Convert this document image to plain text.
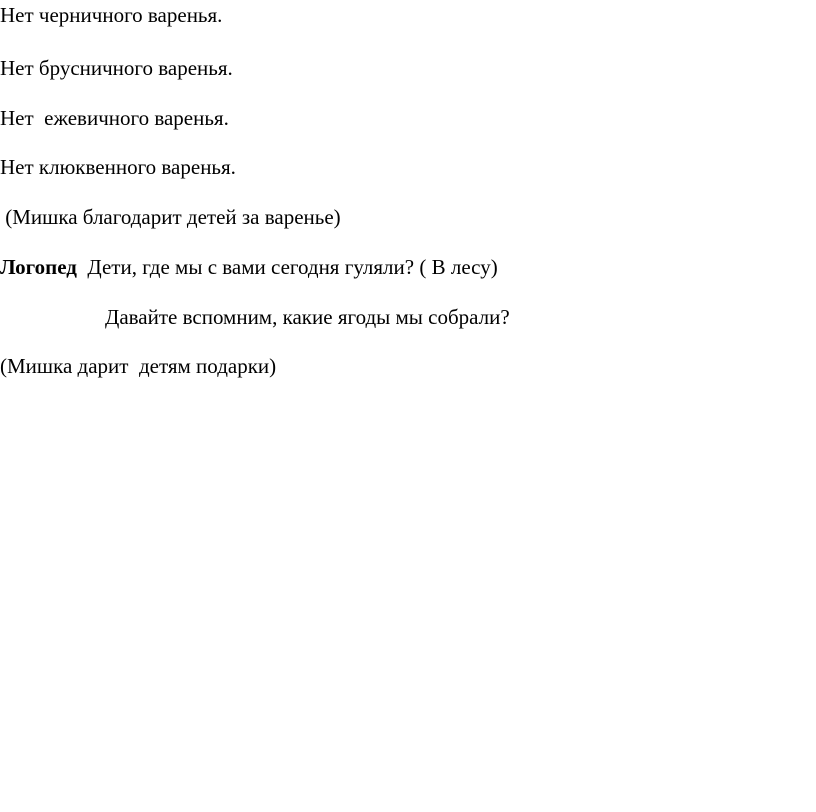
Нет черничного варенья.

Нет брусничного варенья.

Нет  ежевичного варенья.

Нет клюквенного варенья.

(Мишка благодарит детей за варенье)

Логопед  Дети, где мы с вами сегодня гуляли? ( В лесу)

Давайте вспомним, какие ягоды мы собрали?

(Мишка дарит  детям подарки)
